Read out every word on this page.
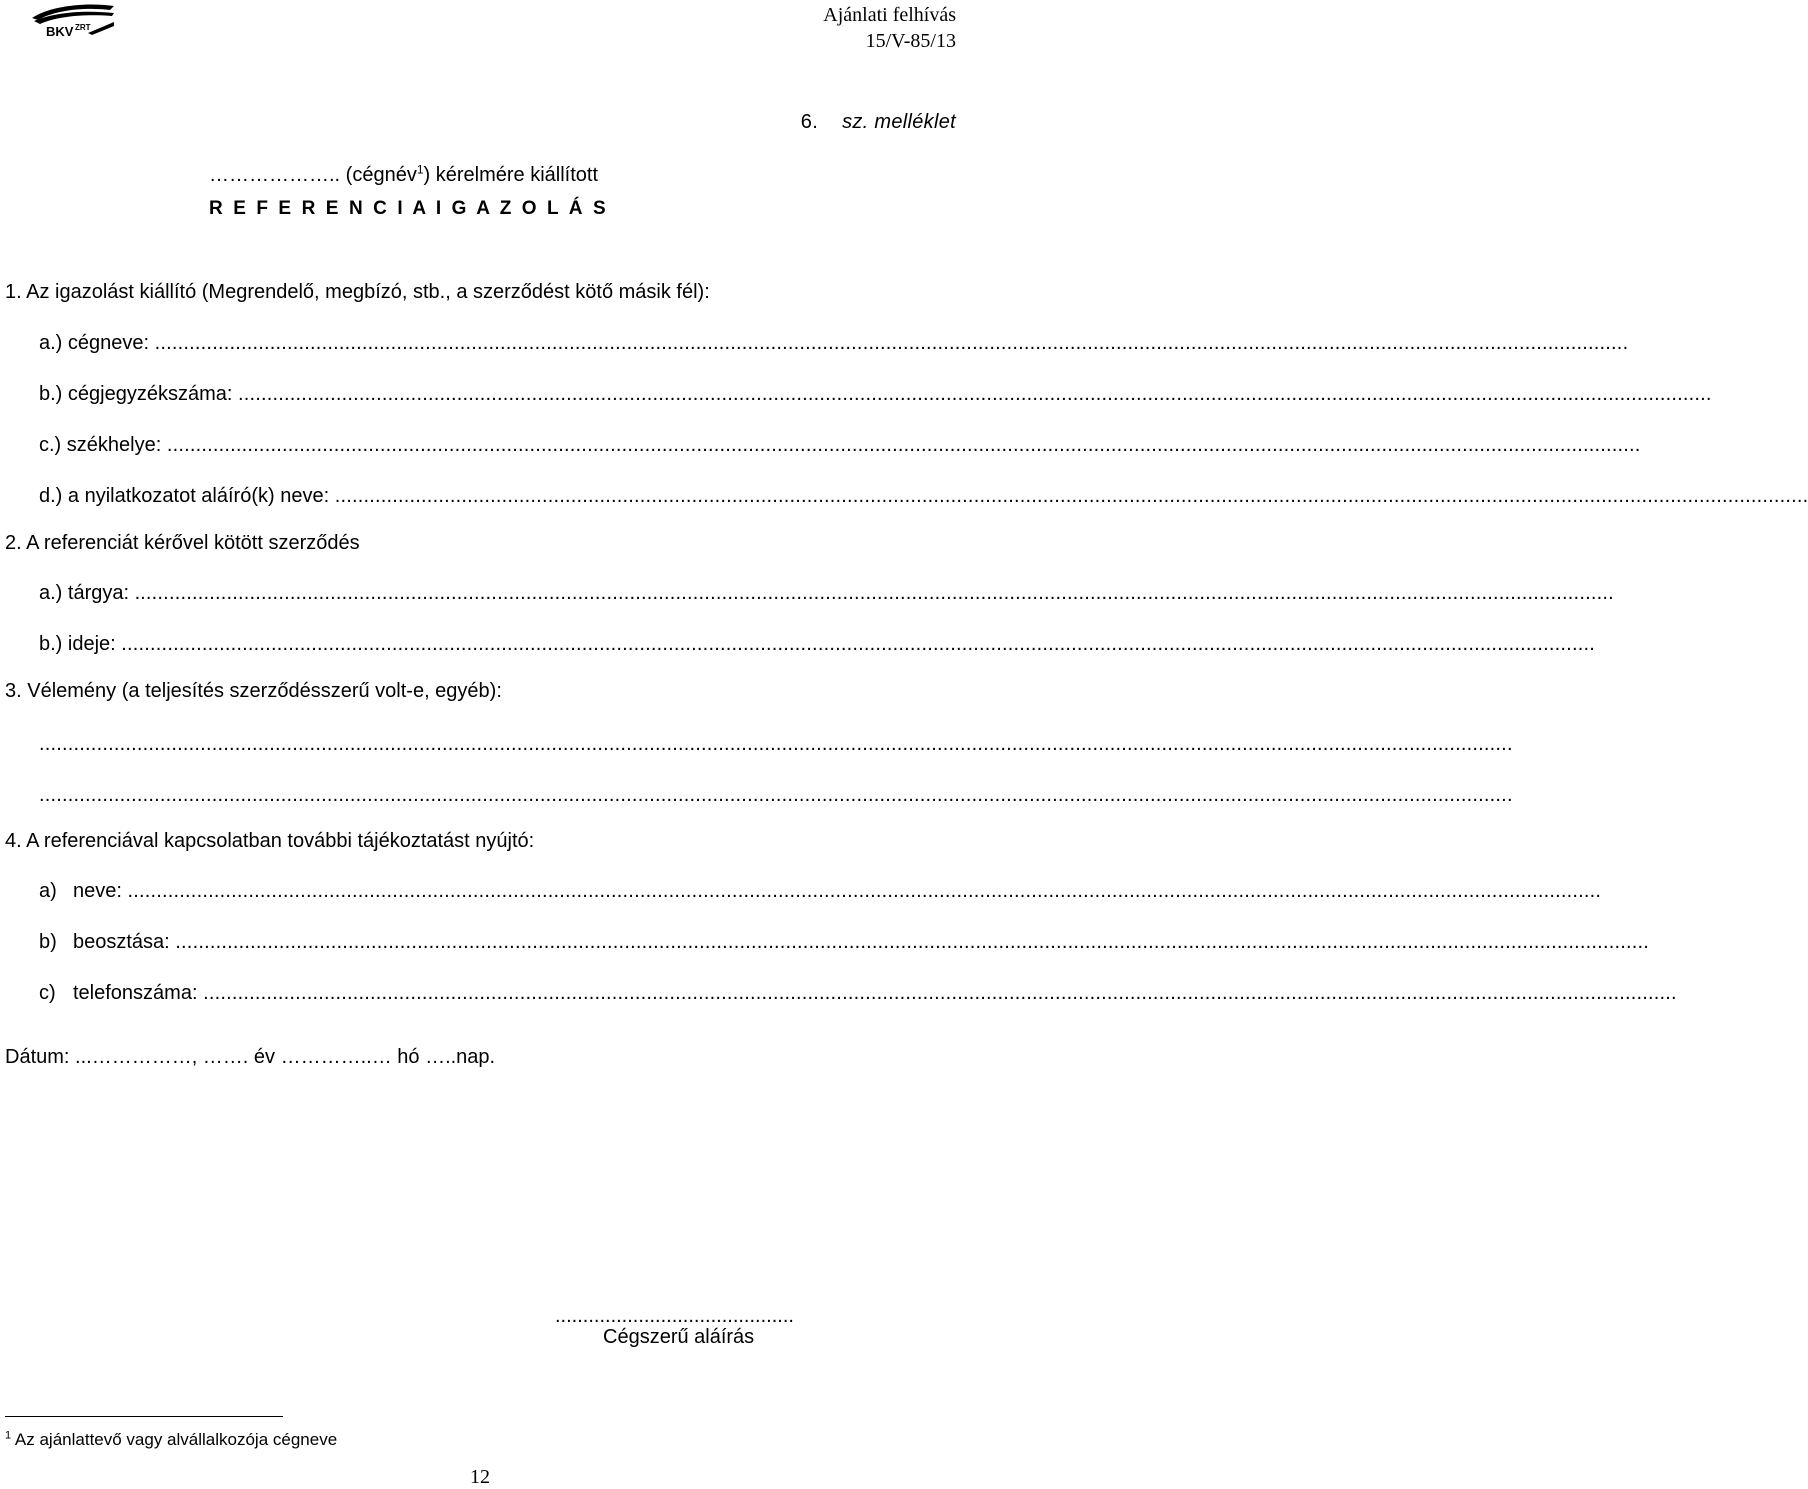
BKV ZRT
Ajánlati felhívás
15/V-85/13
6. sz. melléklet
……………….. (cégnév$^1$) kérelmére kiállított
R E F E R E N C I A I G A Z O L Á S
1. Az igazolást kiállító (Megrendelő, megbízó, stb., a szerződést kötő másik fél):
a.) cégneve: ................................................................................................................................................................................................................................................................
b.) cégjegyzékszáma: ................................................................................................................................................................................................................................................................
c.) székhelye: ................................................................................................................................................................................................................................................................
d.) a nyilatkozatot aláíró(k) neve: ................................................................................................................................................................................................................................................................
2. A referenciát kérővel kötött szerződés
a.) tárgya: .................................................................................................................................................................................................................................................................
b.) ideje: ................................................................................................................................................................................................................................................................
3. Vélemény (a teljesítés szerződésszerű volt-e, egyéb):
................................................................................................................................................................................................................................................................
................................................................................................................................................................................................................................................................
4. A referenciával kapcsolatban további tájékoztatást nyújtó:
a) neve: ................................................................................................................................................................................................................................................................
b) beosztása: ................................................................................................................................................................................................................................................................
c) telefonszáma: ................................................................................................................................................................................................................................................................
Dátum: ...……………, ……. év …………..… hó …..nap.
...........................................
Cégszerű aláírás
$^1$ Az ajánlattevő vagy alvállalkozója cégneve
12
